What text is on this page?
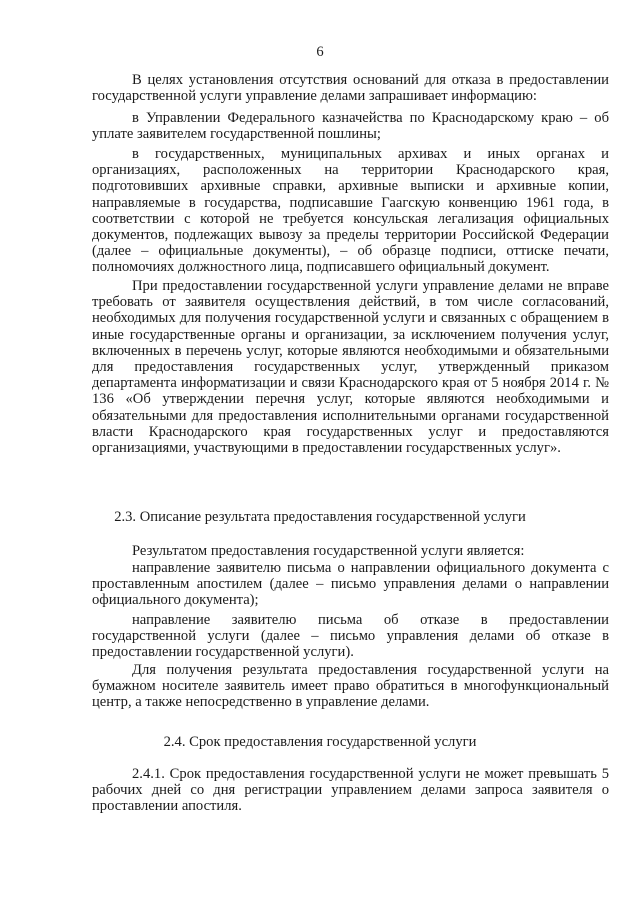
6
В целях установления отсутствия оснований для отказа в предоставлении государственной услуги управление делами запрашивает информацию:
в Управлении Федерального казначейства по Краснодарскому краю – об уплате заявителем государственной пошлины;
в государственных, муниципальных архивах и иных органах и организациях, расположенных на территории Краснодарского края, подготовивших архивные справки, архивные выписки и архивные копии, направляемые в государства, подписавшие Гаагскую конвенцию 1961 года, в соответствии с которой не требуется консульская легализация официальных документов, подлежащих вывозу за пределы территории Российской Федерации (далее – официальные документы), – об образце подписи, оттиске печати, полномочиях должностного лица, подписавшего официальный документ.
При предоставлении государственной услуги управление делами не вправе требовать от заявителя осуществления действий, в том числе согласований, необходимых для получения государственной услуги и связанных с обращением в иные государственные органы и организации, за исключением получения услуг, включенных в перечень услуг, которые являются необходимыми и обязательными для предоставления государственных услуг, утвержденный приказом департамента информатизации и связи Краснодарского края от 5 ноября 2014 г. № 136 «Об утверждении перечня услуг, которые являются необходимыми и обязательными для предоставления исполнительными органами государственной власти Краснодарского края государственных услуг и предоставляются организациями, участвующими в предоставлении государственных услуг».
2.3. Описание результата предоставления государственной услуги
Результатом предоставления государственной услуги является:
направление заявителю письма о направлении официального документа с проставленным апостилем (далее – письмо управления делами о направлении официального документа);
направление заявителю письма об отказе в предоставлении государственной услуги (далее – письмо управления делами об отказе в предоставлении государственной услуги).
Для получения результата предоставления государственной услуги на бумажном носителе заявитель имеет право обратиться в многофункциональный центр, а также непосредственно в управление делами.
2.4. Срок предоставления государственной услуги
2.4.1. Срок предоставления государственной услуги не может превышать 5 рабочих дней со дня регистрации управлением делами запроса заявителя о проставлении апостиля.
